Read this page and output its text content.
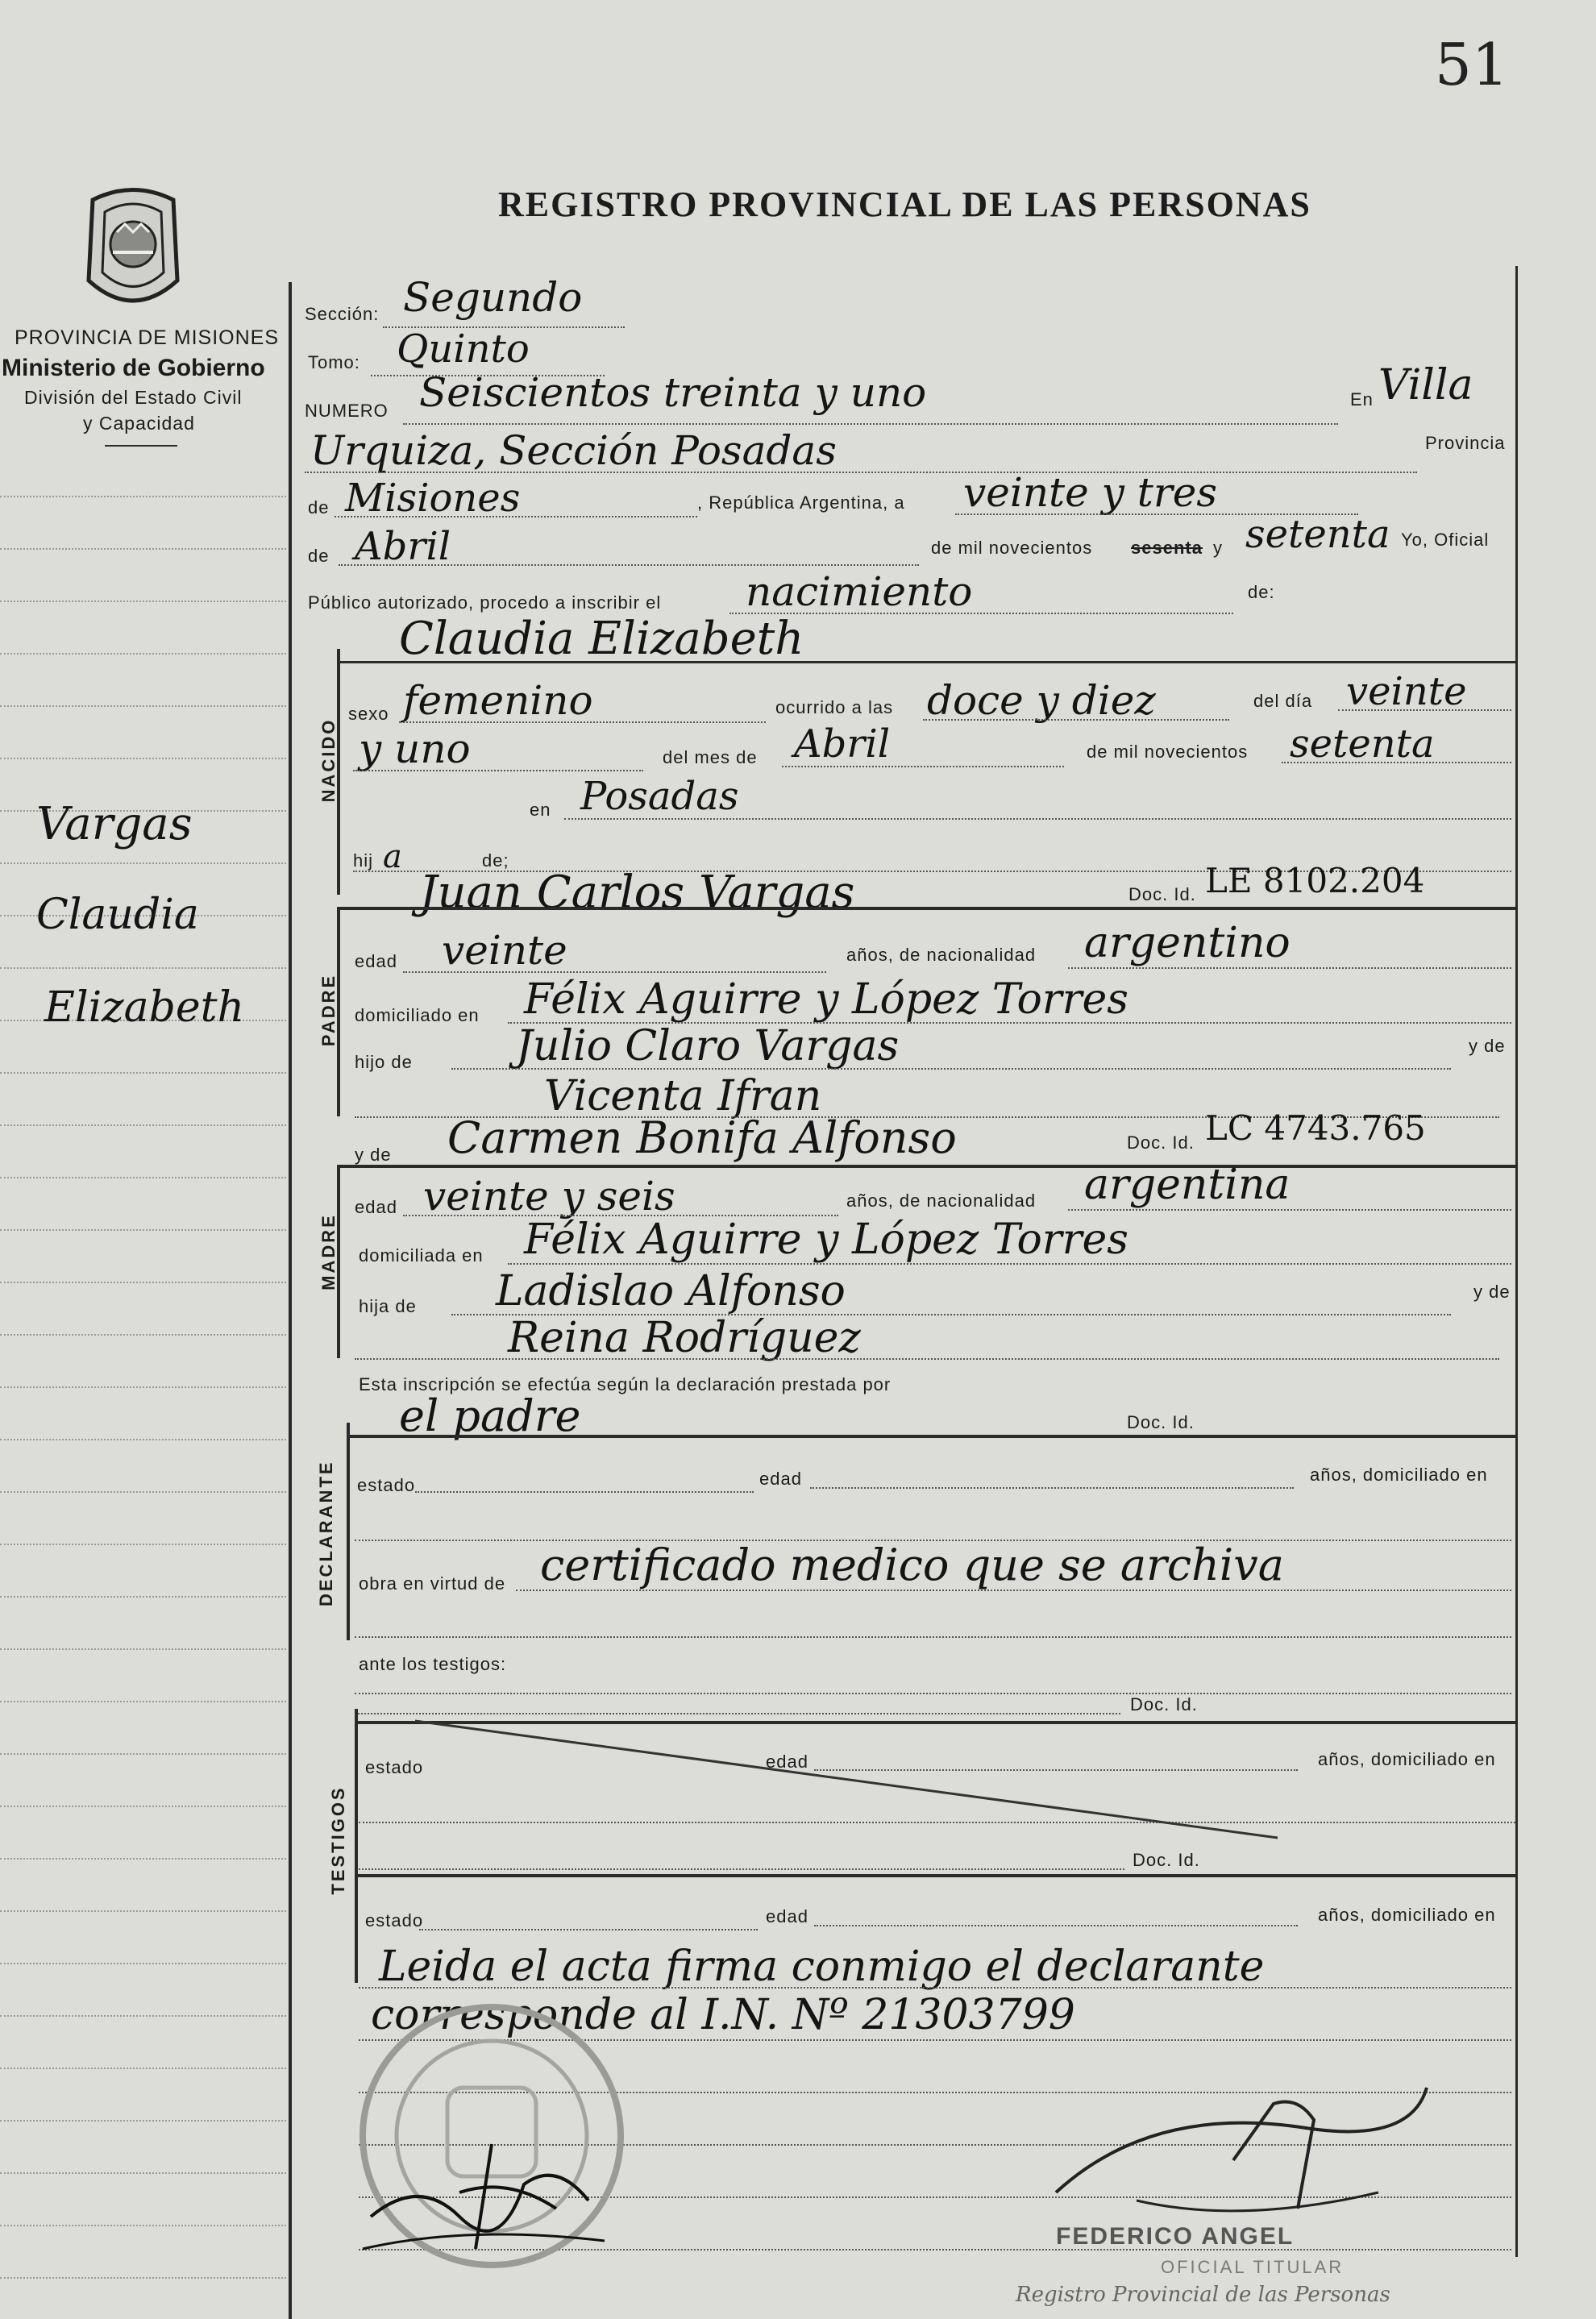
51
REGISTRO PROVINCIAL DE LAS PERSONAS
PROVINCIA DE MISIONES
Ministerio de Gobierno
División del Estado Civil
y Capacidad
Vargas
Claudia
Elizabeth
Sección: Segundo
Tomo: Quinto
NUMERO Seiscientos treinta y uno	En Villa
Urquiza, Sección Posadas	Provincia
de Misiones	, República Argentina, a veinte y tres
de Abril	de mil novecientos sesenta y setenta Yo, Oficial
Público autorizado, procedo a inscribir el nacimiento	de:
NACIDO
Claudia Elizabeth
sexo femenino	ocurrido a las doce y diez	del día veinte
y uno	del mes de Abril	de mil novecientos setenta
en Posadas
hij a	de;
Juan Carlos Vargas	Doc. Id. LE 8102.204
PADRE
edad veinte	años, de nacionalidad argentino
domiciliado en Félix Aguirre y López Torres
hijo de Julio Claro Vargas	y de
Vicenta Ifran
y de Carmen Bonifa Alfonso	Doc. Id. LC 4743.765
MADRE
edad veinte y seis	años, de nacionalidad argentina
domiciliada en Félix Aguirre y López Torres
hija de Ladislao Alfonso	y de
Reina Rodríguez
Esta inscripción se efectúa según la declaración prestada por
el padre	Doc. Id.
DECLARANTE estado	edad	años, domiciliado en
obra en virtud de certificado medico que se archiva
ante los testigos:
Doc. Id.
TESTIGOS
estado	edad	años, domiciliado en
Doc. Id.
estado	edad	años, domiciliado en
Leida el acta firma conmigo el declarante
corresponde al I.N. Nº 21303799
FEDERICO ANGEL
OFICIAL TITULAR
Registro Provincial de las Personas
